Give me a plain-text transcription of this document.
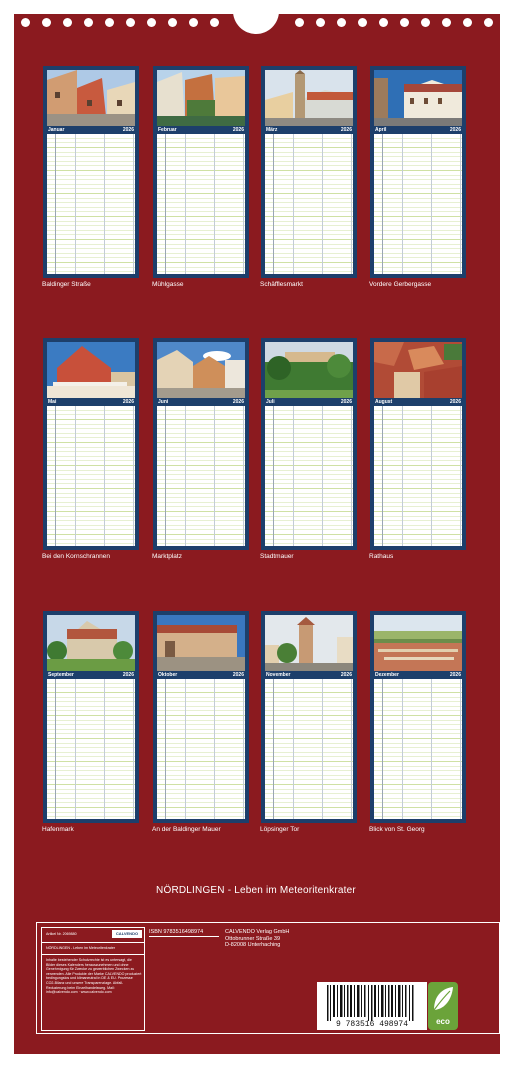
Januar	2026	Februar	2026	März	2026	April	2026
Mai	2026	Juni	2026	Juli	2026	August	2026
September	2026	Oktober	2026	November	2026	Dezember	2026
Baldinger Straße	Mühlgasse	Schäfflesmarkt	Vordere Gerbergasse
Bei den Kornschrannen	Marktplatz	Stadtmauer	Rathaus
Hafenmark	An der Baldinger Mauer	Löpsinger Tor	Blick von St. Georg
NÖRDLINGEN - Leben im Meteoritenkrater
Artikel Nr. 2069880	CALVENDO
NÖRDLINGEN - Leben im Meteoritenkrater
Inhalte bestehender Schutzrechte ist es untersagt, die Bilder dieses Kalenders herauszunehmen und ohne Genehmigung für Zwecke zu gewerblichen Zwecken zu verwenden. Alle Produkte der Marke CALVENDO produziert bedingungslos und klimaneutral in DE & EU. Prozesse CO2-Bilanz und unsere Transparenzlage. Abfall-Reduzierung beim Einzelhandelsweg. Mail: info@calvendo.com · www.calvendo.com
ISBN 9783516498974	CALVENDO Verlag GmbH
Ottobrunner Straße 39
D-82008 Unterhaching
9 783516 498974	eco
